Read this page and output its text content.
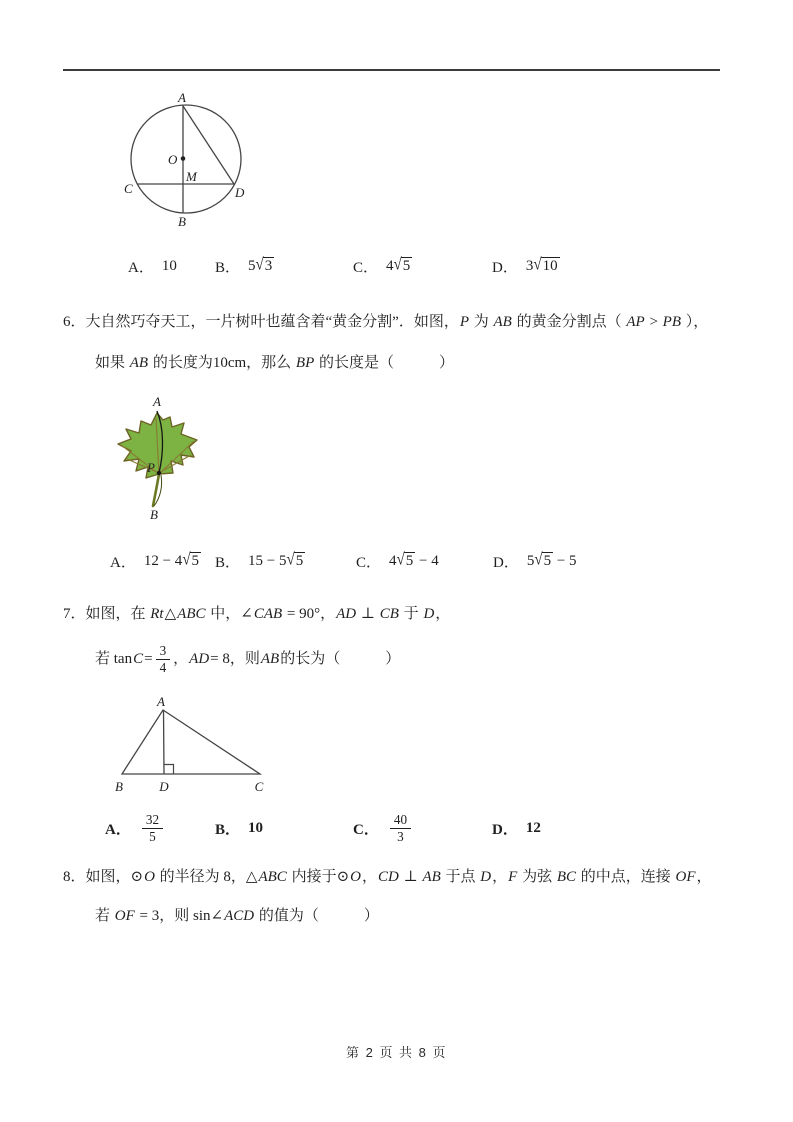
A
O
M
C	D
B
A． 10	B． 5√3	C． 4√5	D． 3√10
6．大自然巧夺天工，一片树叶也蕴含着“黄金分割”．如图，P 为 AB 的黄金分割点（ AP > PB ），
如果 AB 的长度为10cm，那么 BP 的长度是（　　　）
A
P
B
A． 12 − 4√5 B． 15 − 5√5	C． 4√5 − 4	D． 5√5 − 5
7．如图，在 Rt△ABC 中，∠CAB = 90°，AD ⊥ CB 于 D，
若 $\tan C = \frac{3}{4}$ ， AD = 8，则 AB 的长为（　　　）
A
B	D	C
A． $\frac{32}{5}$	B． 10	C． $\frac{40}{3}$	D． 12
8．如图，⊙O 的半径为 8，△ABC 内接于⊙O，CD ⊥ AB 于点 D，F 为弦 BC 的中点，连接 OF，
若 OF = 3，则 sin∠ACD 的值为（　　　）
第 2 页 共 8 页
